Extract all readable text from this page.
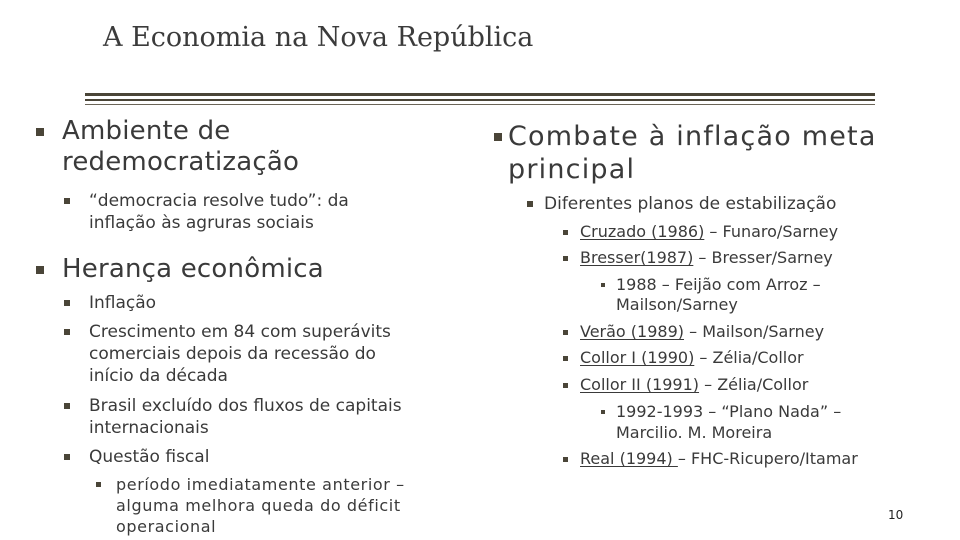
A Economia na Nova República
Ambiente de
redemocratização
“democracia resolve tudo”: da
inflação às agruras sociais
Herança econômica
Inflação
Crescimento em 84 com superávits
comerciais depois da recessão do
início da década
Brasil excluído dos fluxos de capitais
internacionais
Questão fiscal
período imediatamente anterior –
alguma melhora queda do déficit
operacional
Combate à inflação meta
principal
Diferentes planos de estabilização
Cruzado (1986) – Funaro/Sarney
Bresser(1987) – Bresser/Sarney
1988 – Feijão com Arroz –
Mailson/Sarney
Verão (1989) – Mailson/Sarney
Collor I (1990) – Zélia/Collor
Collor II (1991) – Zélia/Collor
1992-1993 – “Plano Nada” –
Marcilio. M. Moreira
Real (1994) – FHC-Ricupero/Itamar
10
